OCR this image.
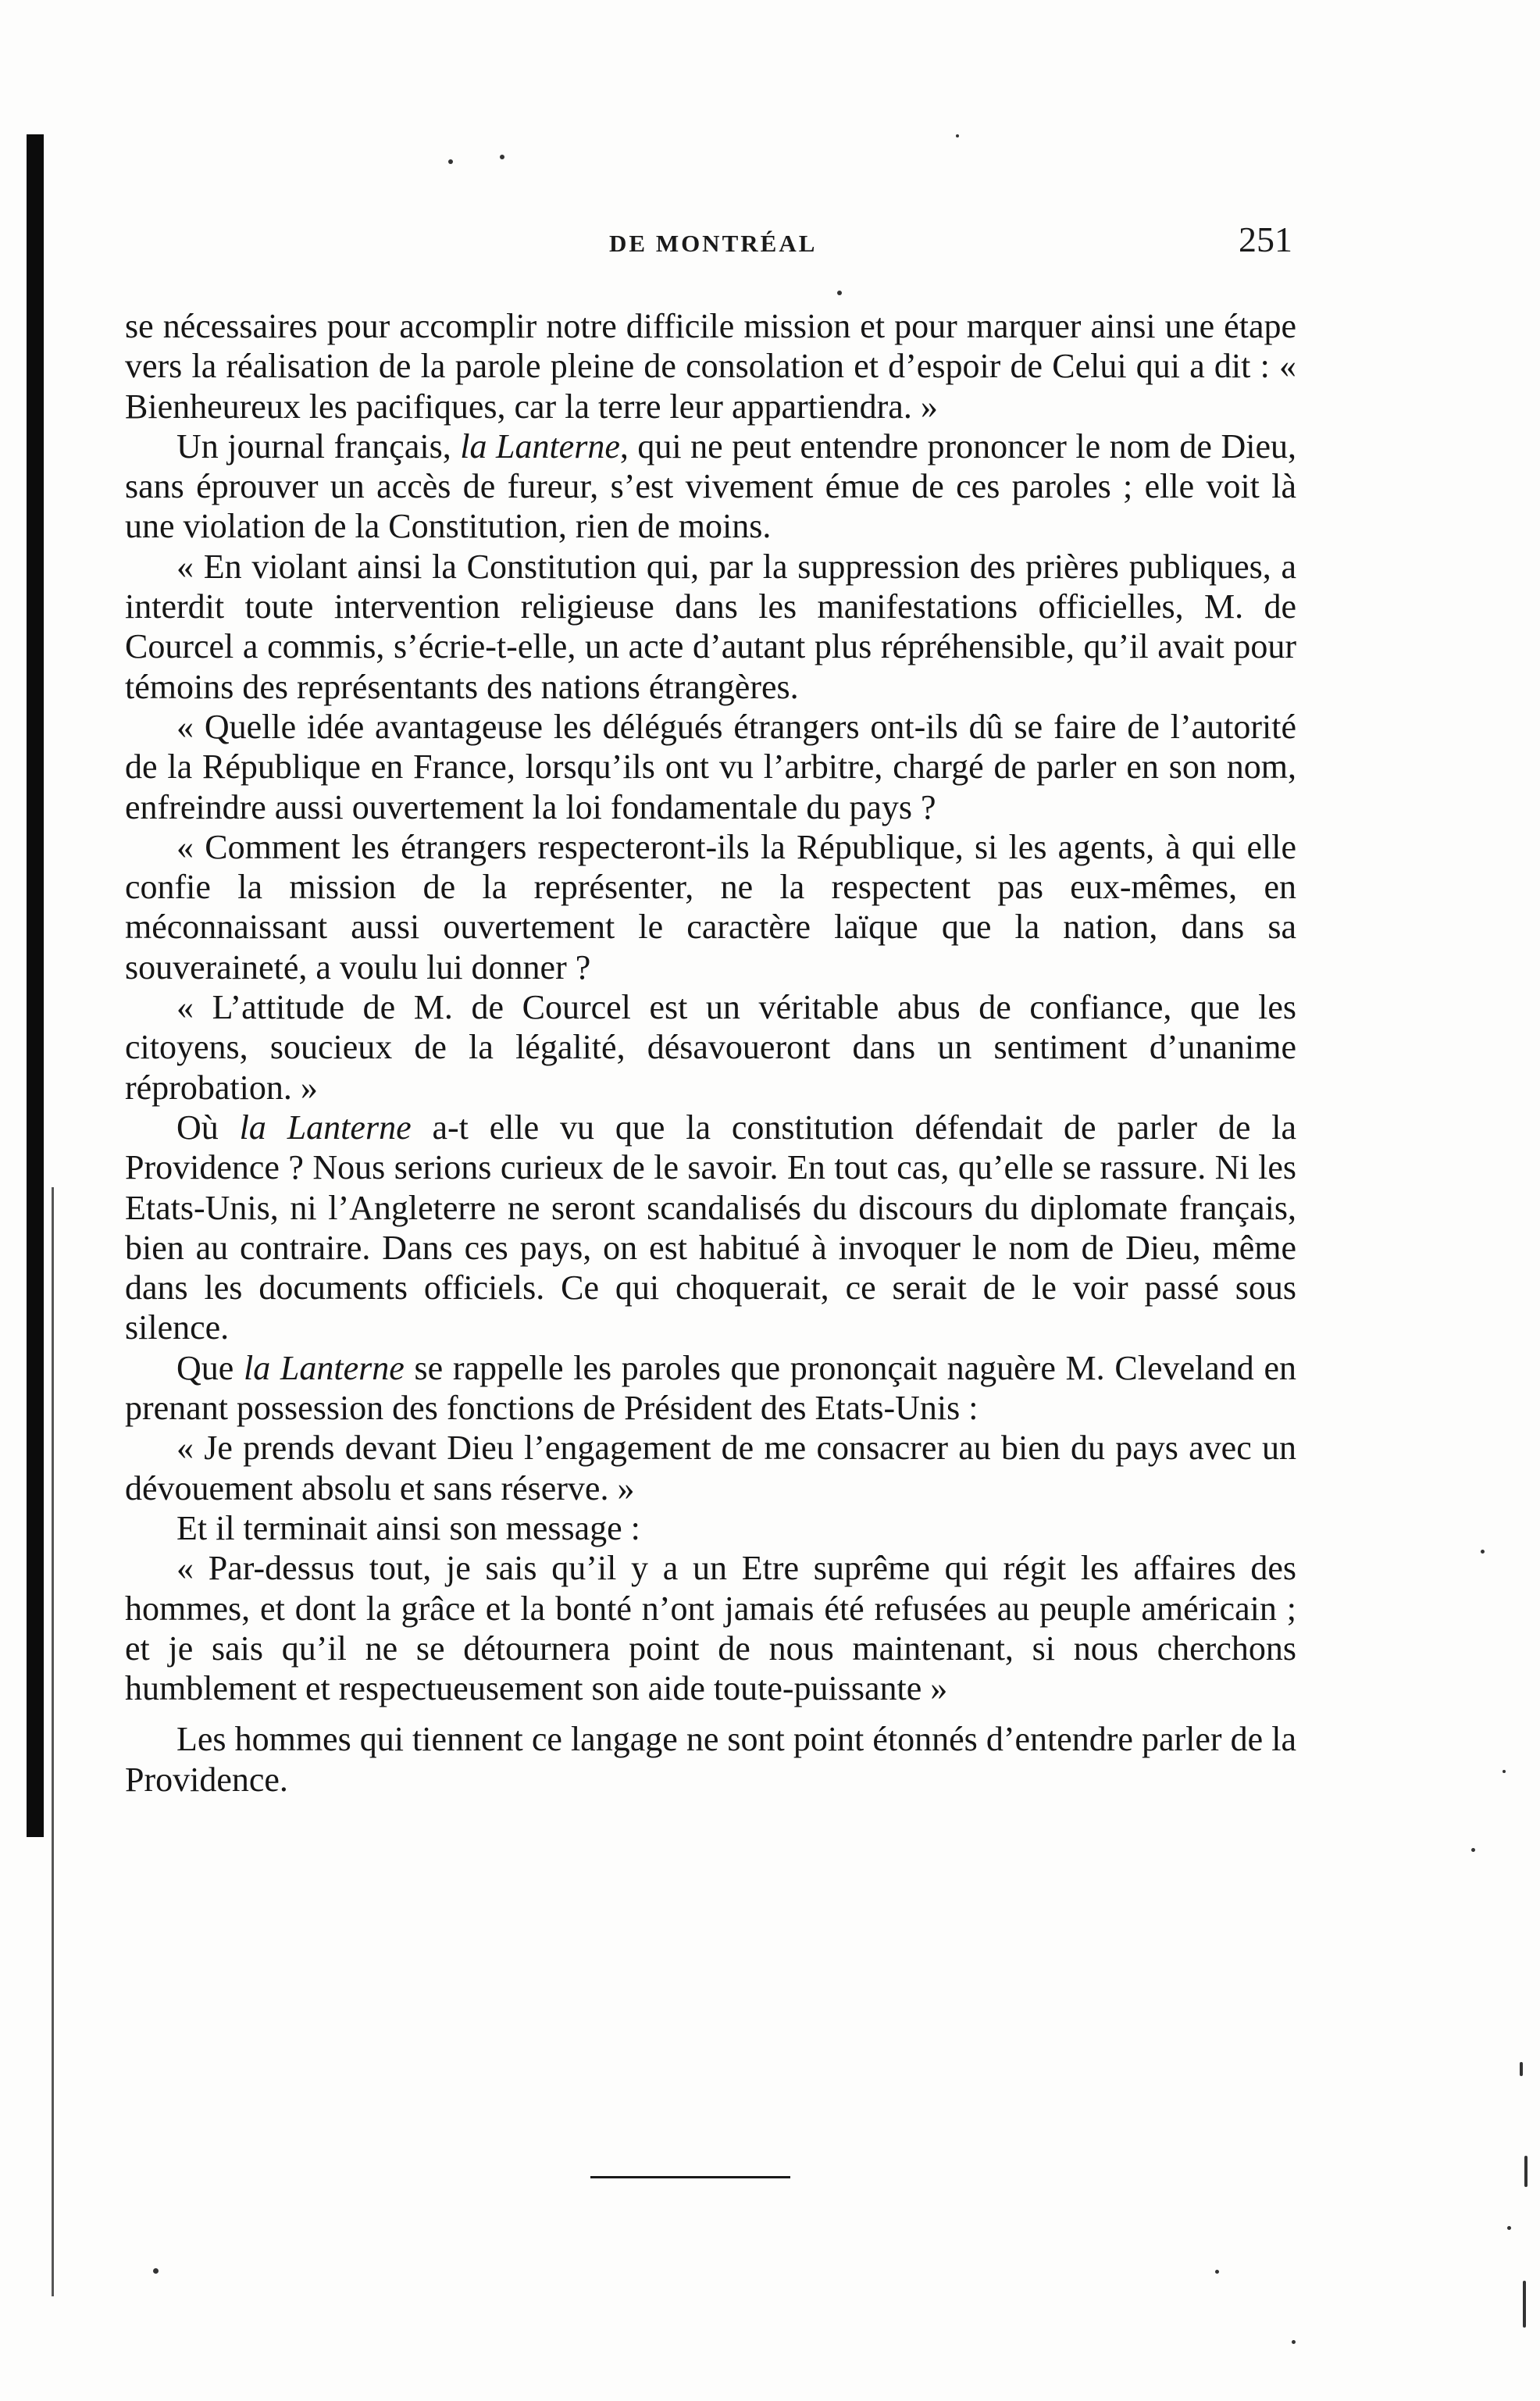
DE MONTRÉAL	251

se nécessaires pour accomplir notre difficile mission et pour marquer ainsi une étape vers la réalisation de la parole pleine de consolation et d’espoir de Celui qui a dit : « Bienheureux les pacifiques, car la terre leur appartiendra. »

Un journal français, la Lanterne, qui ne peut entendre prononcer le nom de Dieu, sans éprouver un accès de fureur, s’est vivement émue de ces paroles ; elle voit là une violation de la Constitution, rien de moins.

« En violant ainsi la Constitution qui, par la suppression des prières publiques, a interdit toute intervention religieuse dans les manifestations officielles, M. de Courcel a commis, s’écrie-t-elle, un acte d’autant plus répréhensible, qu’il avait pour témoins des représentants des nations étrangères.

« Quelle idée avantageuse les délégués étrangers ont-ils dû se faire de l’autorité de la République en France, lorsqu’ils ont vu l’arbitre, chargé de parler en son nom, enfreindre aussi ouvertement la loi fondamentale du pays ?

« Comment les étrangers respecteront-ils la République, si les agents, à qui elle confie la mission de la représenter, ne la respectent pas eux-mêmes, en méconnaissant aussi ouvertement le caractère laïque que la nation, dans sa souveraineté, a voulu lui donner ?

« L’attitude de M. de Courcel est un véritable abus de confiance, que les citoyens, soucieux de la légalité, désavoueront dans un sentiment d’unanime réprobation. »

Où la Lanterne a-t elle vu que la constitution défendait de parler de la Providence ? Nous serions curieux de le savoir. En tout cas, qu’elle se rassure. Ni les Etats-Unis, ni l’Angleterre ne seront scandalisés du discours du diplomate français, bien au contraire. Dans ces pays, on est habitué à invoquer le nom de Dieu, même dans les documents officiels. Ce qui choquerait, ce serait de le voir passé sous silence.

Que la Lanterne se rappelle les paroles que prononçait naguère M. Cleveland en prenant possession des fonctions de Président des Etats-Unis :

« Je prends devant Dieu l’engagement de me consacrer au bien du pays avec un dévouement absolu et sans réserve. »

Et il terminait ainsi son message :

« Par-dessus tout, je sais qu’il y a un Etre suprême qui régit les affaires des hommes, et dont la grâce et la bonté n’ont jamais été refusées au peuple américain ; et je sais qu’il ne se détournera point de nous maintenant, si nous cherchons humblement et respectueusement son aide toute-puissante »

Les hommes qui tiennent ce langage ne sont point étonnés d’entendre parler de la Providence.
